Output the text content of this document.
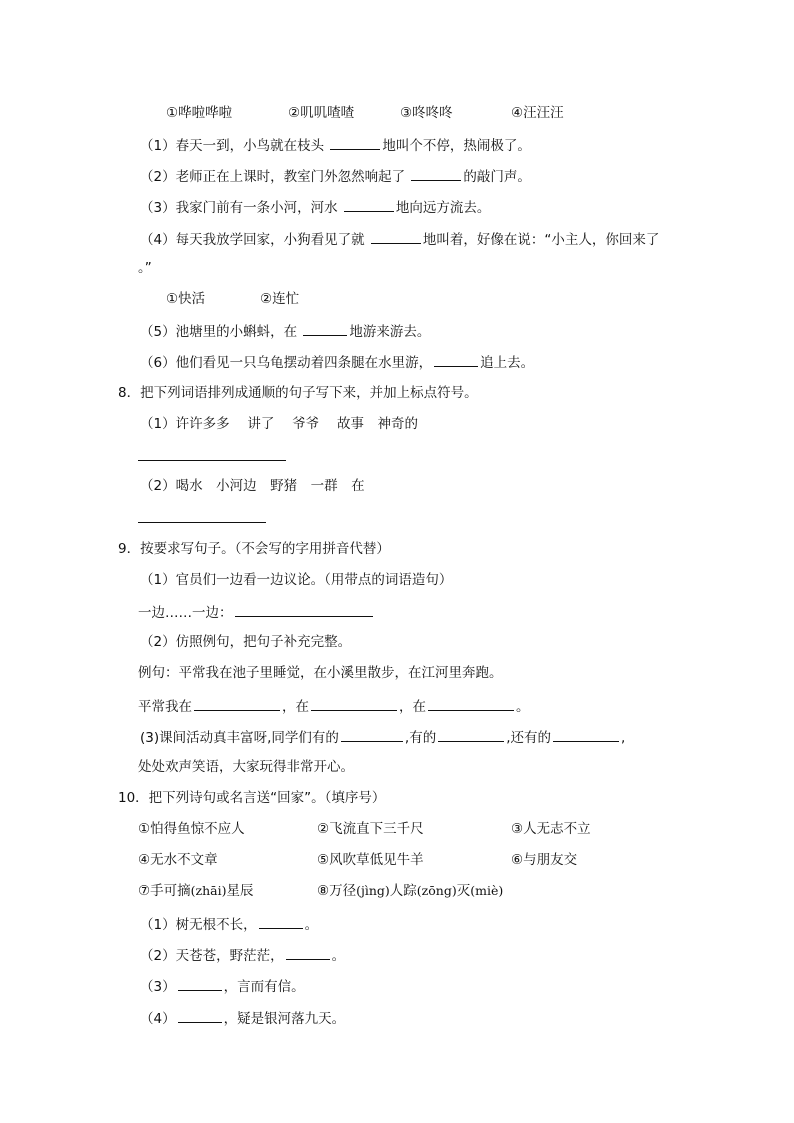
①哗啦哗啦	②叽叽喳喳	③咚咚咚	④汪汪汪
（1）春天一到，小鸟就在枝头	地叫个不停，热闹极了。
（2）老师正在上课时，教室门外忽然响起了	的敲门声。
（3）我家门前有一条小河，河水	地向远方流去。
（4）每天我放学回家，小狗看见了就	地叫着，好像在说：“小主人，你回来了
。”
①快活	②连忙
（5）池塘里的小蝌蚪，在	地游来游去。
（6）他们看见一只乌龟摆动着四条腿在水里游，	追上去。
8．把下列词语排列成通顺的句子写下来，并加上标点符号。
（1）许许多多　 讲了　 爷爷　 故事　神奇的
（2）喝水　小河边　野猪　一群　在
9．按要求写句子。（不会写的字用拼音代替）
（1）官员们一边看一边议论。（用带点的词语造句）
一边……一边：
（2）仿照例句，把句子补充完整。
例句：平常我在池子里睡觉，在小溪里散步，在江河里奔跑。
平常我在	，在	，在	。
(3)课间活动真丰富呀,同学们有的	,有的	,还有的	,
处处欢声笑语，大家玩得非常开心。
10．把下列诗句或名言送“回家”。（填序号）
①怕得鱼惊不应人	②飞流直下三千尺	③人无志不立
④无水不文章	⑤风吹草低见牛羊	⑥与朋友交
⑦手可摘(zhāi)星辰	⑧万径(jìng)人踪(zōng)灭(miè)
（1）树无根不长，	。
（2）天苍苍，野茫茫，	。
（3）	，言而有信。
（4）	，疑是银河落九天。
